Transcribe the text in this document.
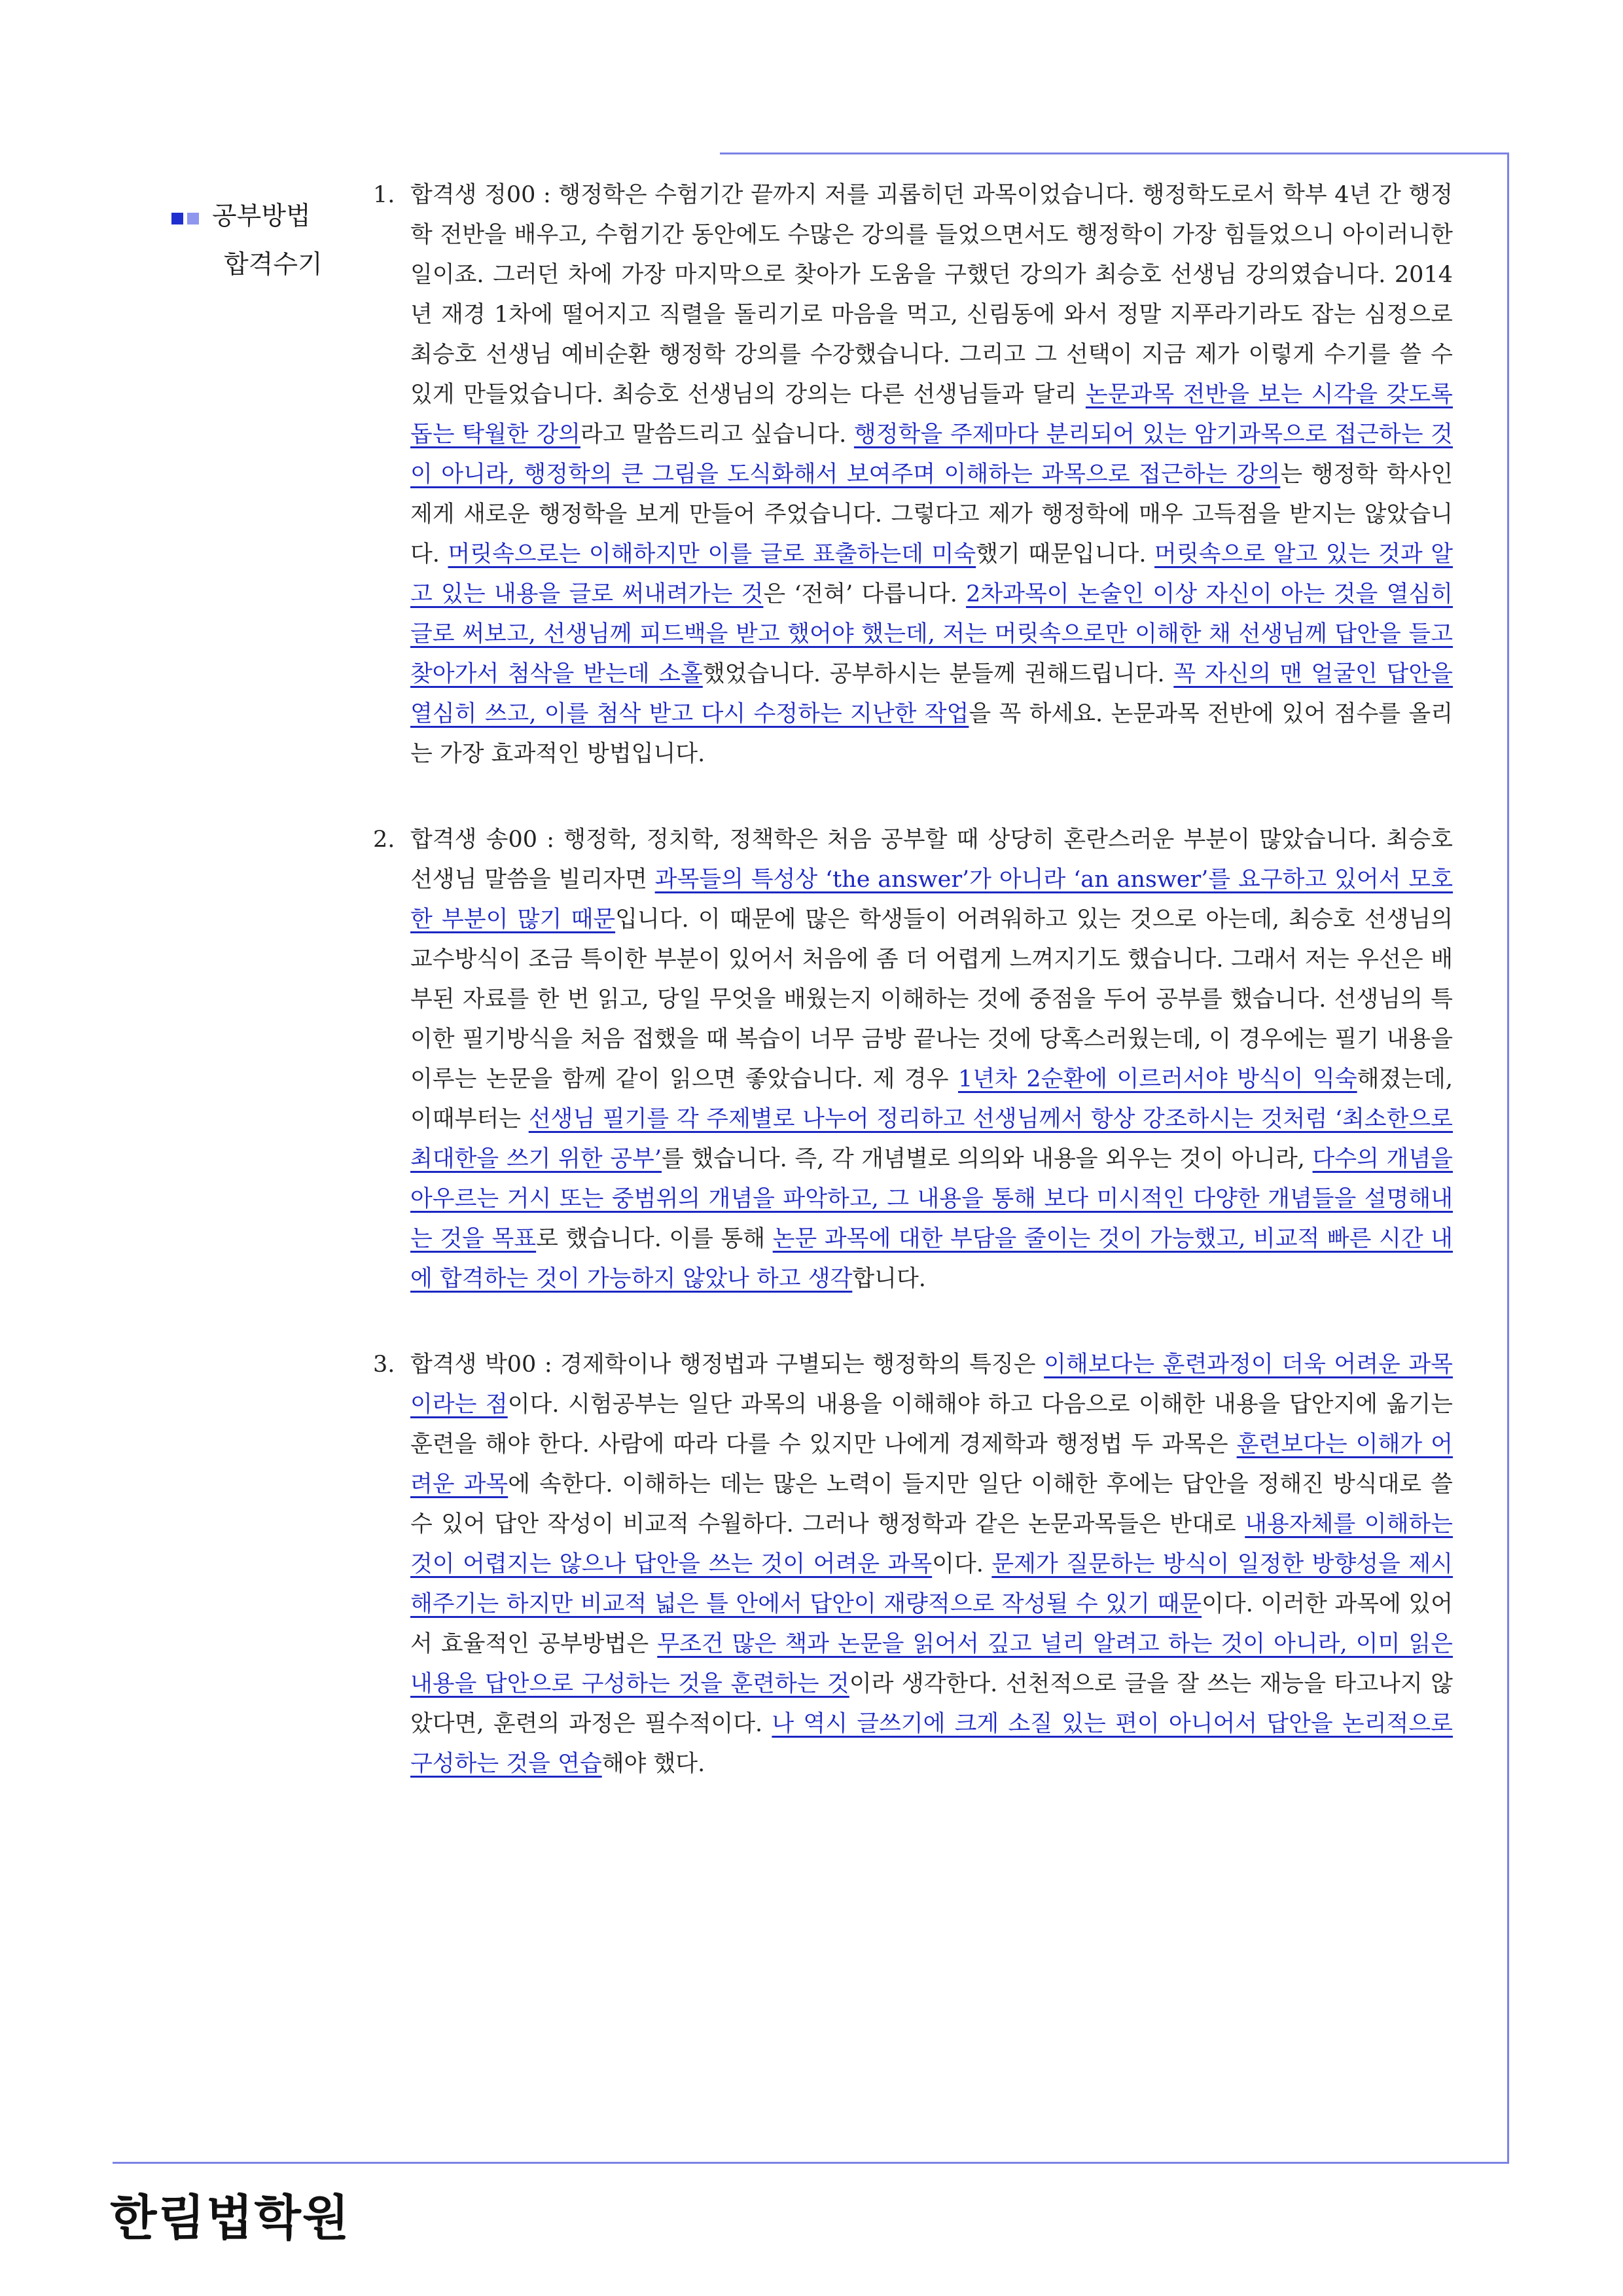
공부방법
합격수기
1. 합격생 정00 : 행정학은 수험기간 끝까지 저를 괴롭히던 과목이었습니다. 행정학도로서 학부 4년 간 행정학 전반을 배우고, 수험기간 동안에도 수많은 강의를 들었으면서도 행정학이 가장 힘들었으니 아이러니한 일이죠. 그러던 차에 가장 마지막으로 찾아가 도움을 구했던 강의가 최승호 선생님 강의였습니다. 2014년 재경 1차에 떨어지고 직렬을 돌리기로 마음을 먹고, 신림동에 와서 정말 지푸라기라도 잡는 심정으로 최승호 선생님 예비순환 행정학 강의를 수강했습니다. 그리고 그 선택이 지금 제가 이렇게 수기를 쓸 수 있게 만들었습니다. 최승호 선생님의 강의는 다른 선생님들과 달리 논문과목 전반을 보는 시각을 갖도록 돕는 탁월한 강의라고 말씀드리고 싶습니다. 행정학을 주제마다 분리되어 있는 암기과목으로 접근하는 것이 아니라, 행정학의 큰 그림을 도식화해서 보여주며 이해하는 과목으로 접근하는 강의는 행정학 학사인 제게 새로운 행정학을 보게 만들어 주었습니다. 그렇다고 제가 행정학에 매우 고득점을 받지는 않았습니다. 머릿속으로는 이해하지만 이를 글로 표출하는데 미숙했기 때문입니다. 머릿속으로 알고 있는 것과 알고 있는 내용을 글로 써내려가는 것은 ‘전혀’ 다릅니다. 2차과목이 논술인 이상 자신이 아는 것을 열심히 글로 써보고, 선생님께 피드백을 받고 했어야 했는데, 저는 머릿속으로만 이해한 채 선생님께 답안을 들고 찾아가서 첨삭을 받는데 소홀했었습니다. 공부하시는 분들께 권해드립니다. 꼭 자신의 맨 얼굴인 답안을 열심히 쓰고, 이를 첨삭 받고 다시 수정하는 지난한 작업을 꼭 하세요. 논문과목 전반에 있어 점수를 올리는 가장 효과적인 방법입니다.
2. 합격생 송00 : 행정학, 정치학, 정책학은 처음 공부할 때 상당히 혼란스러운 부분이 많았습니다. 최승호 선생님 말씀을 빌리자면 과목들의 특성상 ‘the answer’가 아니라 ‘an answer’를 요구하고 있어서 모호한 부분이 많기 때문입니다. 이 때문에 많은 학생들이 어려워하고 있는 것으로 아는데, 최승호 선생님의 교수방식이 조금 특이한 부분이 있어서 처음에 좀 더 어렵게 느껴지기도 했습니다. 그래서 저는 우선은 배부된 자료를 한 번 읽고, 당일 무엇을 배웠는지 이해하는 것에 중점을 두어 공부를 했습니다. 선생님의 특이한 필기방식을 처음 접했을 때 복습이 너무 금방 끝나는 것에 당혹스러웠는데, 이 경우에는 필기 내용을 이루는 논문을 함께 같이 읽으면 좋았습니다. 제 경우 1년차 2순환에 이르러서야 방식이 익숙해졌는데, 이때부터는 선생님 필기를 각 주제별로 나누어 정리하고 선생님께서 항상 강조하시는 것처럼 ‘최소한으로 최대한을 쓰기 위한 공부’를 했습니다. 즉, 각 개념별로 의의와 내용을 외우는 것이 아니라, 다수의 개념을 아우르는 거시 또는 중범위의 개념을 파악하고, 그 내용을 통해 보다 미시적인 다양한 개념들을 설명해내는 것을 목표로 했습니다. 이를 통해 논문 과목에 대한 부담을 줄이는 것이 가능했고, 비교적 빠른 시간 내에 합격하는 것이 가능하지 않았나 하고 생각합니다.
3. 합격생 박00 : 경제학이나 행정법과 구별되는 행정학의 특징은 이해보다는 훈련과정이 더욱 어려운 과목이라는 점이다. 시험공부는 일단 과목의 내용을 이해해야 하고 다음으로 이해한 내용을 답안지에 옮기는 훈련을 해야 한다. 사람에 따라 다를 수 있지만 나에게 경제학과 행정법 두 과목은 훈련보다는 이해가 어려운 과목에 속한다. 이해하는 데는 많은 노력이 들지만 일단 이해한 후에는 답안을 정해진 방식대로 쓸 수 있어 답안 작성이 비교적 수월하다. 그러나 행정학과 같은 논문과목들은 반대로 내용자체를 이해하는 것이 어렵지는 않으나 답안을 쓰는 것이 어려운 과목이다. 문제가 질문하는 방식이 일정한 방향성을 제시해주기는 하지만 비교적 넓은 틀 안에서 답안이 재량적으로 작성될 수 있기 때문이다. 이러한 과목에 있어서 효율적인 공부방법은 무조건 많은 책과 논문을 읽어서 깊고 널리 알려고 하는 것이 아니라, 이미 읽은 내용을 답안으로 구성하는 것을 훈련하는 것이라 생각한다. 선천적으로 글을 잘 쓰는 재능을 타고나지 않았다면, 훈련의 과정은 필수적이다. 나 역시 글쓰기에 크게 소질 있는 편이 아니어서 답안을 논리적으로 구성하는 것을 연습해야 했다.
한림법학원
